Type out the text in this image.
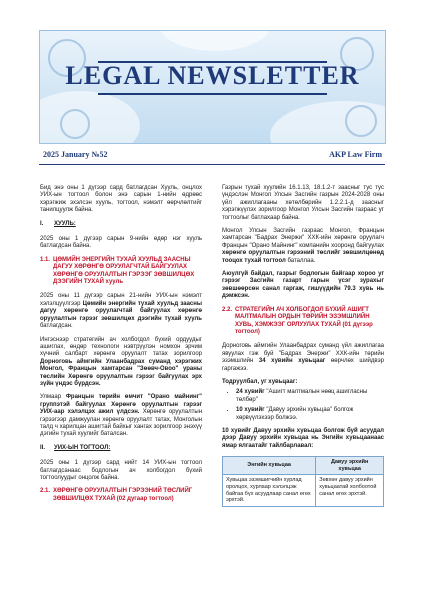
LEGAL NEWSLETTER
2025 January №52	AKP Law Firm

Бид энэ оны 1 дүгээр сард батлагдсан Хууль, онцлох УИХ-ын тогтоол болон энэ сарын 1-нийн өдрөөс хэрэгжиж эхэлсэн хууль, тогтоол, нэмэлт өөрчлөлтийг танилцуулж байна.

I. ХУУЛЬ:

2025 оны 1 дүгээр сарын 9-нийн өдөр нэг хууль батлагдсан байна.

1.1. ЦӨМИЙН ЭНЕРГИЙН ТУХАЙ ХУУЛЬД ЗААСНЫ ДАГУУ ХӨРӨНГӨ ОРУУЛАГЧТАЙ БАЙГУУЛАХ ХӨРӨНГӨ ОРУУЛАЛТЫН ГЭРЭЭГ ЗӨВШИЛЦӨХ ДЭЭГИЙН ТУХАЙ хууль

2025 оны 11 дүгээр сарын 21-нийн УИХ-ын нэмэлт хэлэлцүүлгээр Цөмийн энергийн тухай хуульд заасны дагуу хөрөнгө оруулагчтай байгуулах хөрөнгө оруулалтын гэрээг зөвшилцөх дээгийн тухай хууль батлагдсан.

Ингэснээр стратегийн ач холбогдол бүхий ордуудыг ашиглах, өндөр технологи нэвтрүүлэн номхон эрчим хүчний салбарт хөрөнгө оруулалт татах зорилгоор Дорноговь аймгийн Улаанбадрах суманд хэрэгжих Монгол, Францын хамтарсан "Зөөвч-Овоо" ураны төслийн Хөрөнгө оруулалтын гэрээг байгуулах эрх зүйн үндэс бүрдсэн.

Улмаар Францын төрийн өмчит "Орано майнинг" группэтэй байгуулах Хөрөнгө оруулалтын гэрээг УИХ-аар хэлэлцэх ажил үлдсэн. Хөрөнгө оруулалтын гэрээгээр дамжуулан хөрөнгө оруулалт татах, Монголын талд ч харилцан ашигтай байхыг хангах зорилгоор энэхүү дэгийн тухай хуулийг баталсан.

II. УИХ-ЫН ТОГТООЛ:

2025 оны 1 дүгээр сард нийт 14 УИХ-ын тогтоол батлагдсанаас бодлогын ач холбогдол бүхий тогтоолуудыг онцолж байна.

2.1. ХӨРӨНГӨ ОРУУЛАЛТЫН ГЭРЭЭНИЙ ТӨСЛИЙГ ЗӨВШИЛЦӨХ ТУХАЙ (02 дугаар тогтоол)

Газрын тухай хуулийн 16.1.13, 18.1.2-т заасныг тус тус үндэслэн Монгол Улсын Засгийн газрын 2024-2028 оны үйл ажиллагааны хөтөлбөрийн 1.2.2.1-д заасныг хэрэгжүүлэх зорилгоор Монгол Улсын Засгийн газраас уг тогтоолыг батлахаар байна.

Монгол Улсын Засгийн газраас Монгол, Францын хамтарсан "Бадрах Энержи" ХХК-ийн хөрөнгө оруулагч Францын "Орано Майнинг" компанийн хооронд байгуулах хөрөнгө оруулалтын гэрээний төслийг зөвшилцөнөд тооцох тухай тогтоол баталлаа.

Аюулгүй байдал, газрыг бодлогын байгаар хороо уг гэрээг Засгийн газарт гарын үсэг зурахыг зөвшөөрсөн санал гаргаж, гишүүдийн 79.3 хувь нь дэмжсэн.

2.2. СТРАТЕГИЙН АЧ ХОЛБОГДОЛ БҮХИЙ АШИГТ МАЛТМАЛЫН ОРДЫН ТӨРИЙН ЭЗЭМШЛИЙН ХУВЬ, ХЭМЖЭЭГ ОРЛУУЛАХ ТУХАЙ (01 дүгээр тогтоол)

Дорноговь аймгийн Улаанбадрах суманд үйл ажиллагаа явуулах гэж буй "Бадрах Энержи" ХХК-ийн төрийн эзэмшлийн 34 хувийн хувьцааг өөрчлөх шийдвэр гаргажээ.

Тодруулбал, уг хувьцааг:

• 24 хувийг "Ашигт малтмалын нөөц ашигласны төлбөр"
• 10 хувийг "Давуу эрхийн хувьцаа" болгож хөрвүүлэхээр болжээ.

10 хувийг Давуу эрхийн хувьцаа болгож буй асуудал дээр Давуу эрхийн хувьцаа нь Энгийн хувьцаанаас ямар ялгаатайг тайлбарлавал:

Энгийн хувьцаа	Давуу эрхийн хувьцаа
Хувьцаа эзэмшигчийн хурлад оролцох, хурлаар хэлэлцэж байгаа бүх асуудлаар санал өгөх эрхтэй.	Зөвхөн давуу эрхийн хувьцаатай холбоотой санал өгөх эрхтэй.
